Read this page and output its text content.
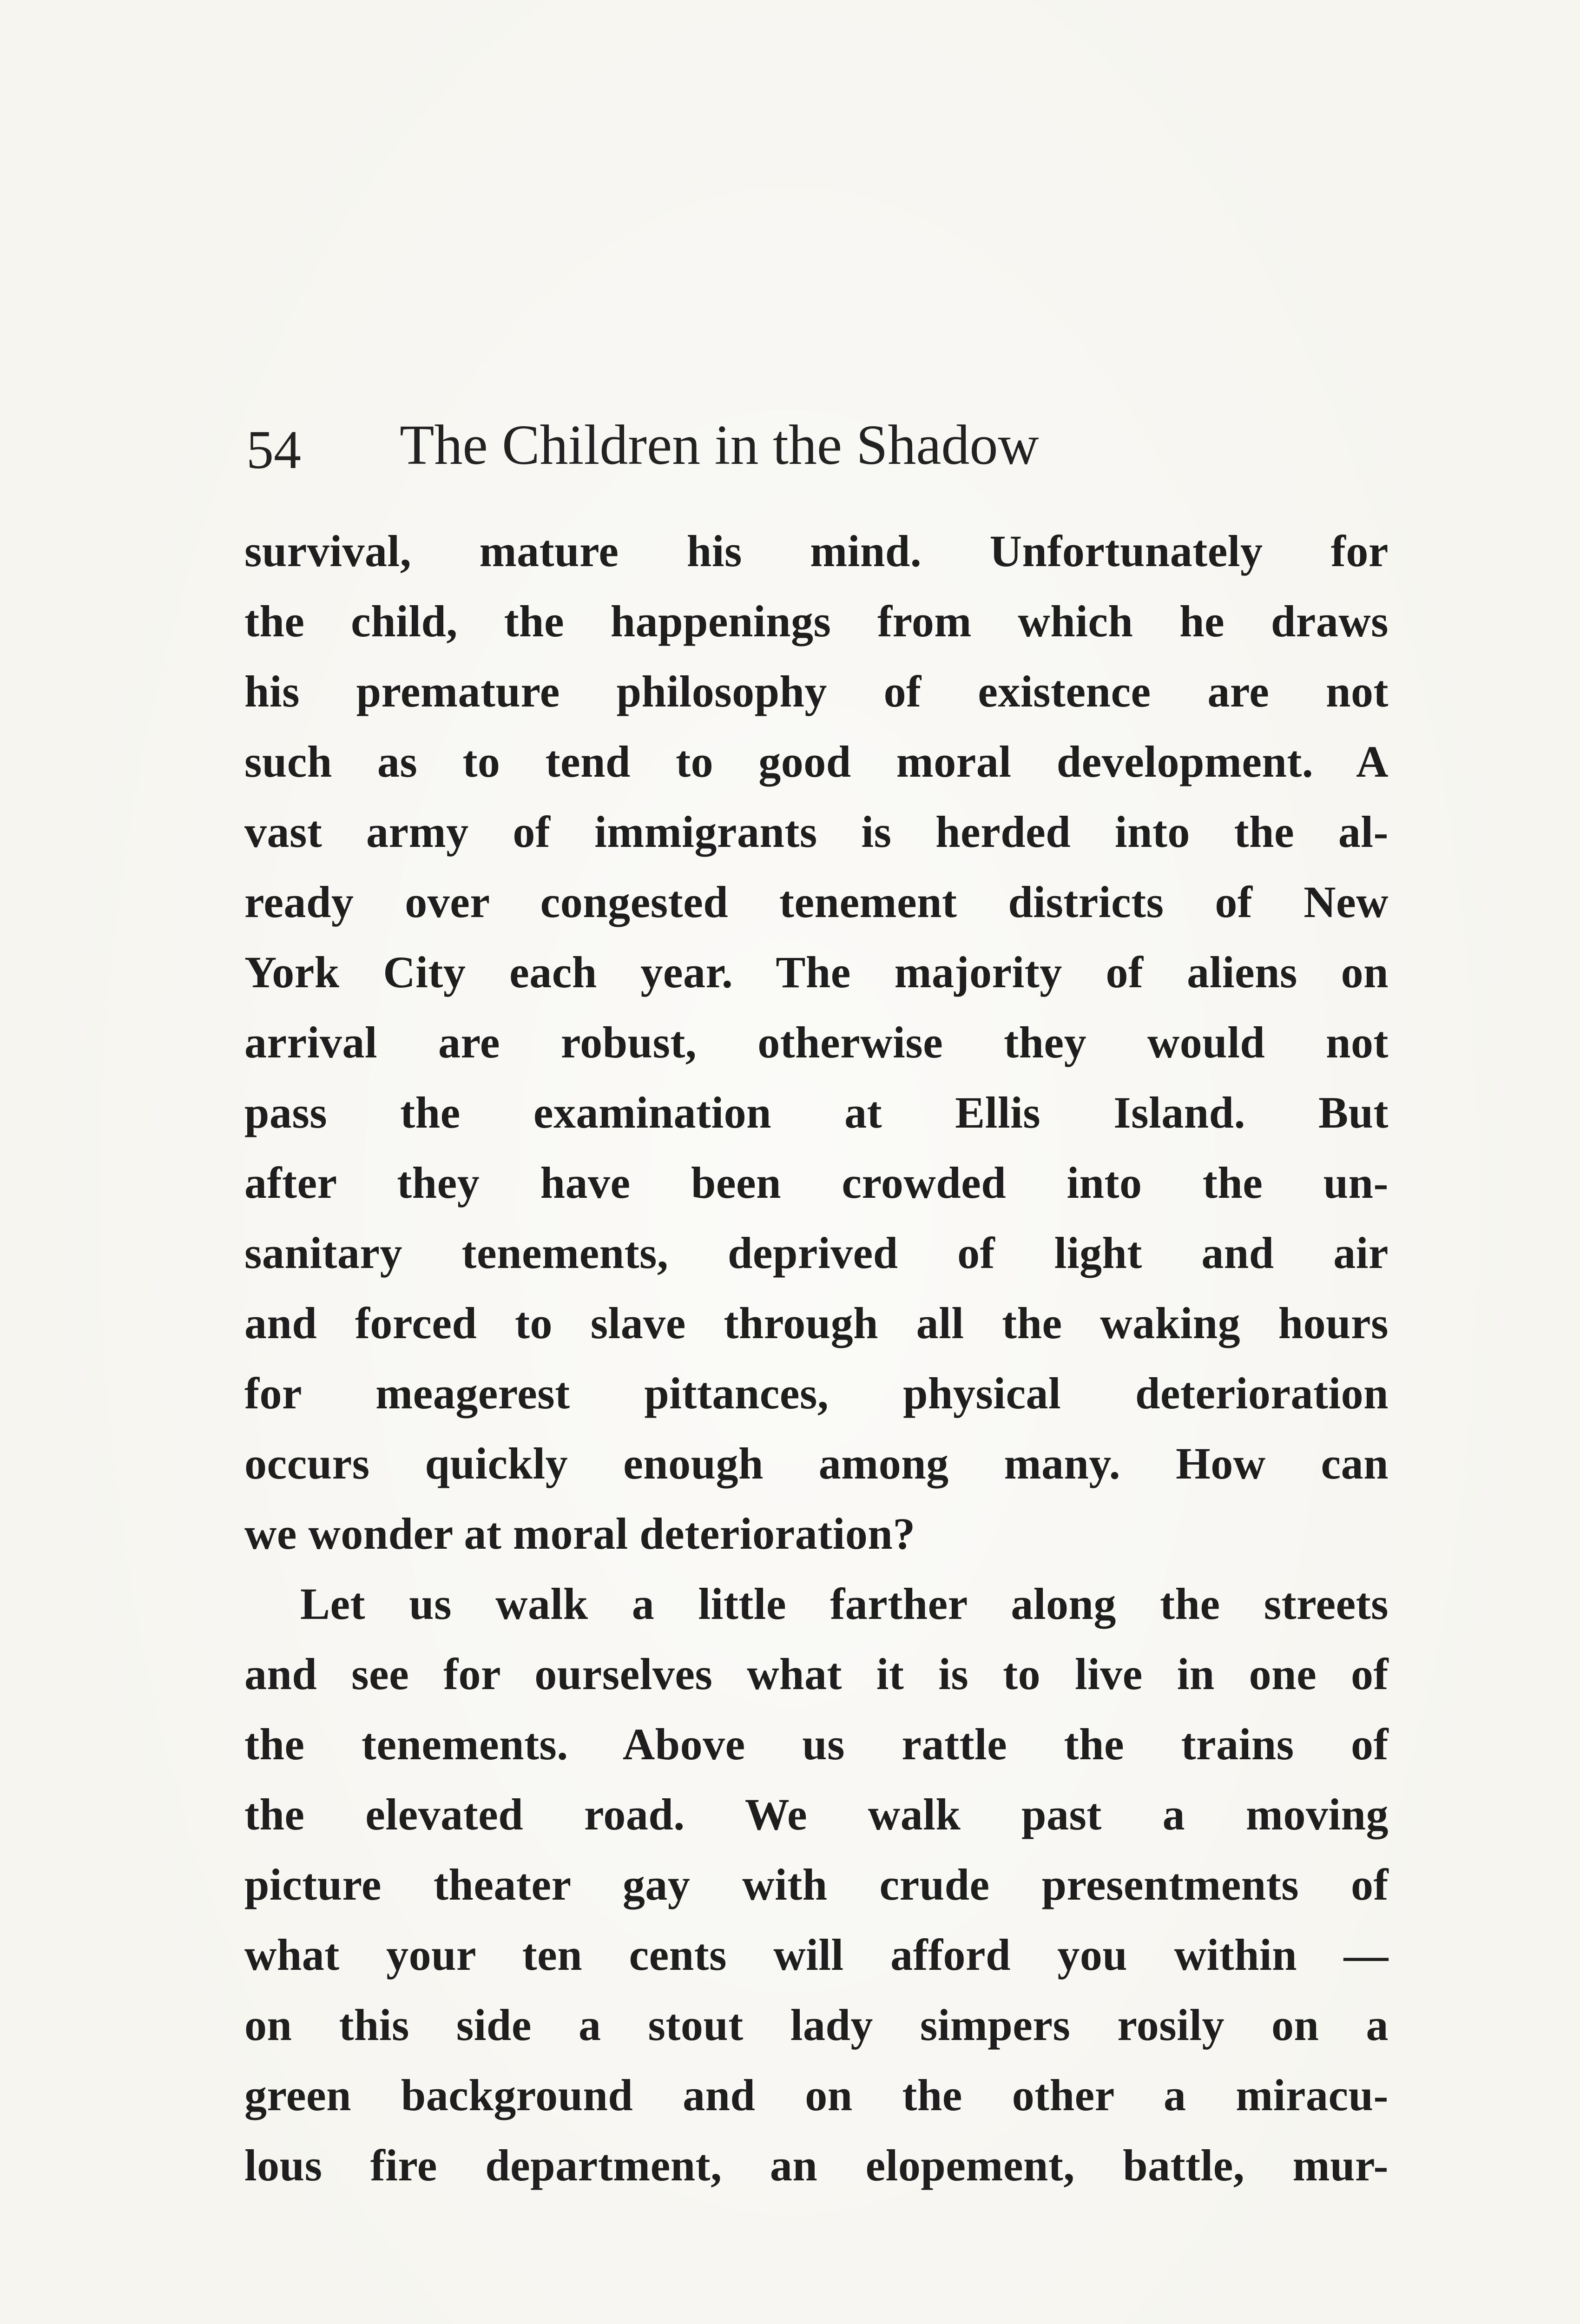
54 The Children in the Shadow
survival, mature his mind. Unfortunately for
the child, the happenings from which he draws
his premature philosophy of existence are not
such as to tend to good moral development. A
vast army of immigrants is herded into the al-
ready over congested tenement districts of New
York City each year. The majority of aliens on
arrival are robust, otherwise they would not
pass the examination at Ellis Island. But
after they have been crowded into the un-
sanitary tenements, deprived of light and air
and forced to slave through all the waking hours
for meagerest pittances, physical deterioration
occurs quickly enough among many. How can
we wonder at moral deterioration?
Let us walk a little farther along the streets
and see for ourselves what it is to live in one of
the tenements. Above us rattle the trains of
the elevated road. We walk past a moving
picture theater gay with crude presentments of
what your ten cents will afford you within —
on this side a stout lady simpers rosily on a
green background and on the other a miracu-
lous fire department, an elopement, battle, mur-
